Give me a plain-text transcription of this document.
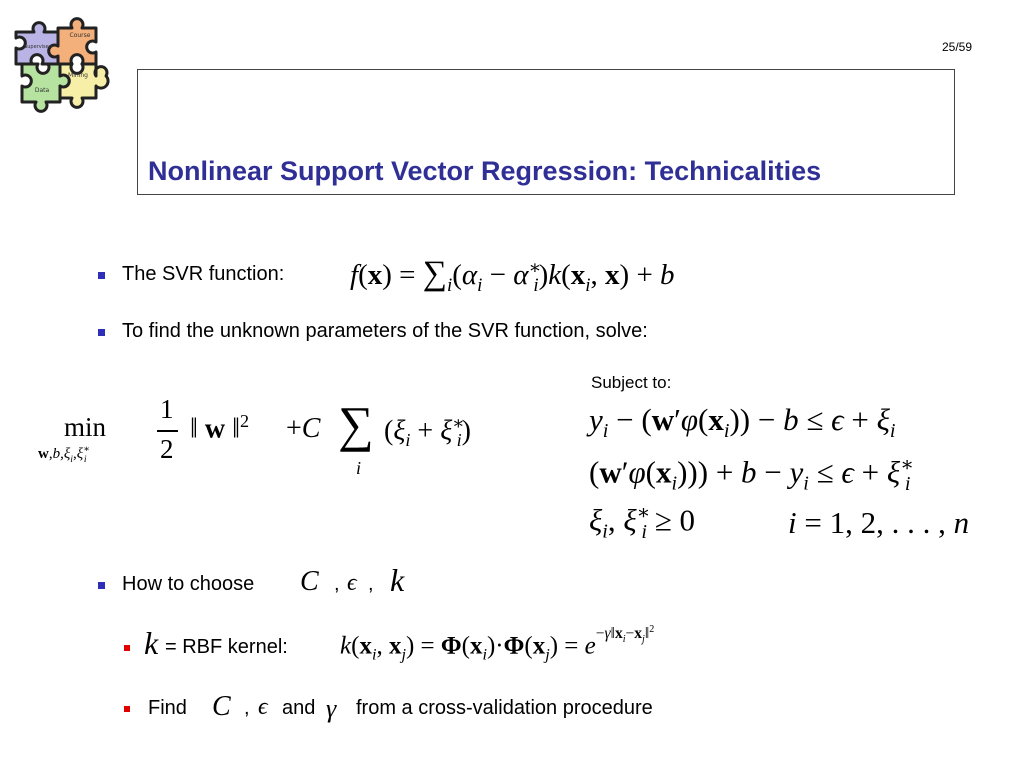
Course
Supervised
Mining
Data
25/59
Nonlinear Support Vector Regression: Technicalities
The SVR function: $f(x) = \sum_i(\alpha_i - \alpha^∗_i)k(x_i$, x) + b
To find the unknown parameters of the SVR function, solve:
Subject to:
min
$w,b,\xi_i,\xi^∗_i$
1
2
‖ w ‖$^2$ +C ∑
i
$(\xi_i + \xi^∗_i)$	$y_i - (w'\varphi(x_i)) - b \le \epsilon + \xi_i$
$(w'\varphi(x_i))) + b - y_i \le \epsilon + \xi^∗_i$
$\xi_i$, $\xi^∗_i \ge 0$	i = 1, 2, . . . , n
How to choose C , ϵ , k
k = RBF kernel: $k(x_i$, $x_j) = \Phi(x_i)\cdot\Phi(x_j) = e^{-\gamma‖x_i-x_j‖^2}$
Find C , ϵ and γ from a cross-validation procedure
